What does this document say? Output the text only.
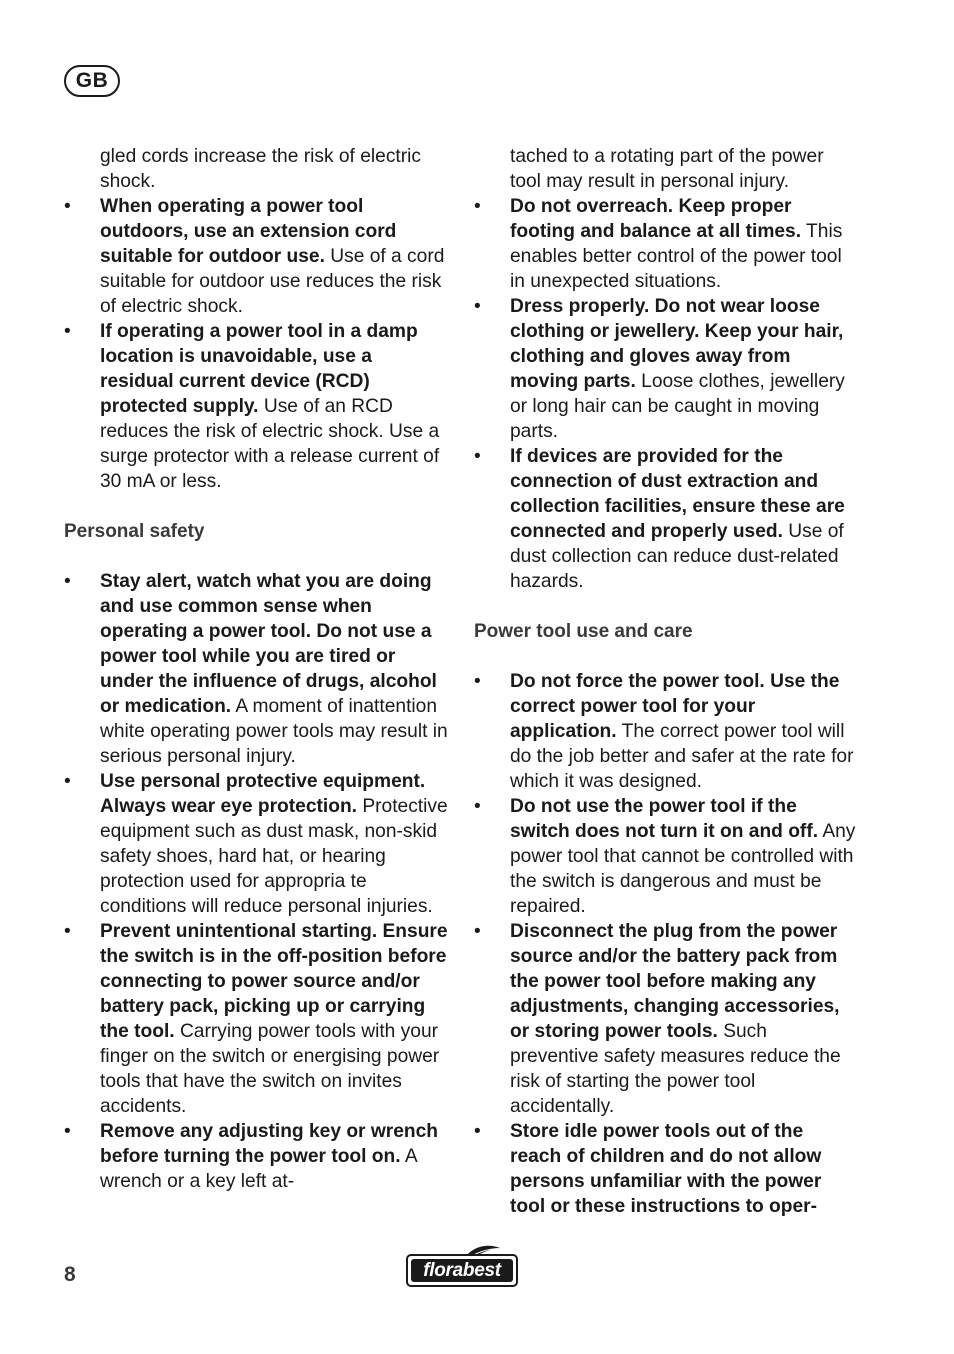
GB

gled cords increase the risk of electric shock.

• When operating a power tool outdoors, use an extension cord suitable for outdoor use. Use of a cord suitable for outdoor use reduces the risk of electric shock.

• If operating a power tool in a damp location is unavoidable, use a residual current device (RCD) protected supply. Use of an RCD reduces the risk of electric shock. Use a surge protector with a release current of 30 mA or less.

Personal safety

• Stay alert, watch what you are doing and use common sense when operating a power tool. Do not use a power tool while you are tired or under the influence of drugs, alcohol or medication. A moment of inattention white operating power tools may result in serious personal injury.

• Use personal protective equipment. Always wear eye protection. Protective equipment such as dust mask, non-skid safety shoes, hard hat, or hearing protection used for appropria te conditions will reduce personal injuries.

• Prevent unintentional starting. Ensure the switch is in the off-position before connecting to power source and/or battery pack, picking up or carrying the tool. Carrying power tools with your finger on the switch or energising power tools that have the switch on invites accidents.

• Remove any adjusting key or wrench before turning the power tool on. A wrench or a key left at-

tached to a rotating part of the power tool may result in personal injury.

• Do not overreach. Keep proper footing and balance at all times. This enables better control of the power tool in unexpected situations.

• Dress properly. Do not wear loose clothing or jewellery. Keep your hair, clothing and gloves away from moving parts. Loose clothes, jewellery or long hair can be caught in moving parts.

• If devices are provided for the connection of dust extraction and collection facilities, ensure these are connected and properly used. Use of dust collection can reduce dust-related hazards.

Power tool use and care

• Do not force the power tool. Use the correct power tool for your application. The correct power tool will do the job better and safer at the rate for which it was designed.

• Do not use the power tool if the switch does not turn it on and off. Any power tool that cannot be controlled with the switch is dangerous and must be repaired.

• Disconnect the plug from the power source and/or the battery pack from the power tool before making any adjustments, changing accessories, or storing power tools. Such preventive safety measures reduce the risk of starting the power tool accidentally.

• Store idle power tools out of the reach of children and do not allow persons unfamiliar with the power tool or these instructions to oper-

8	florabest
